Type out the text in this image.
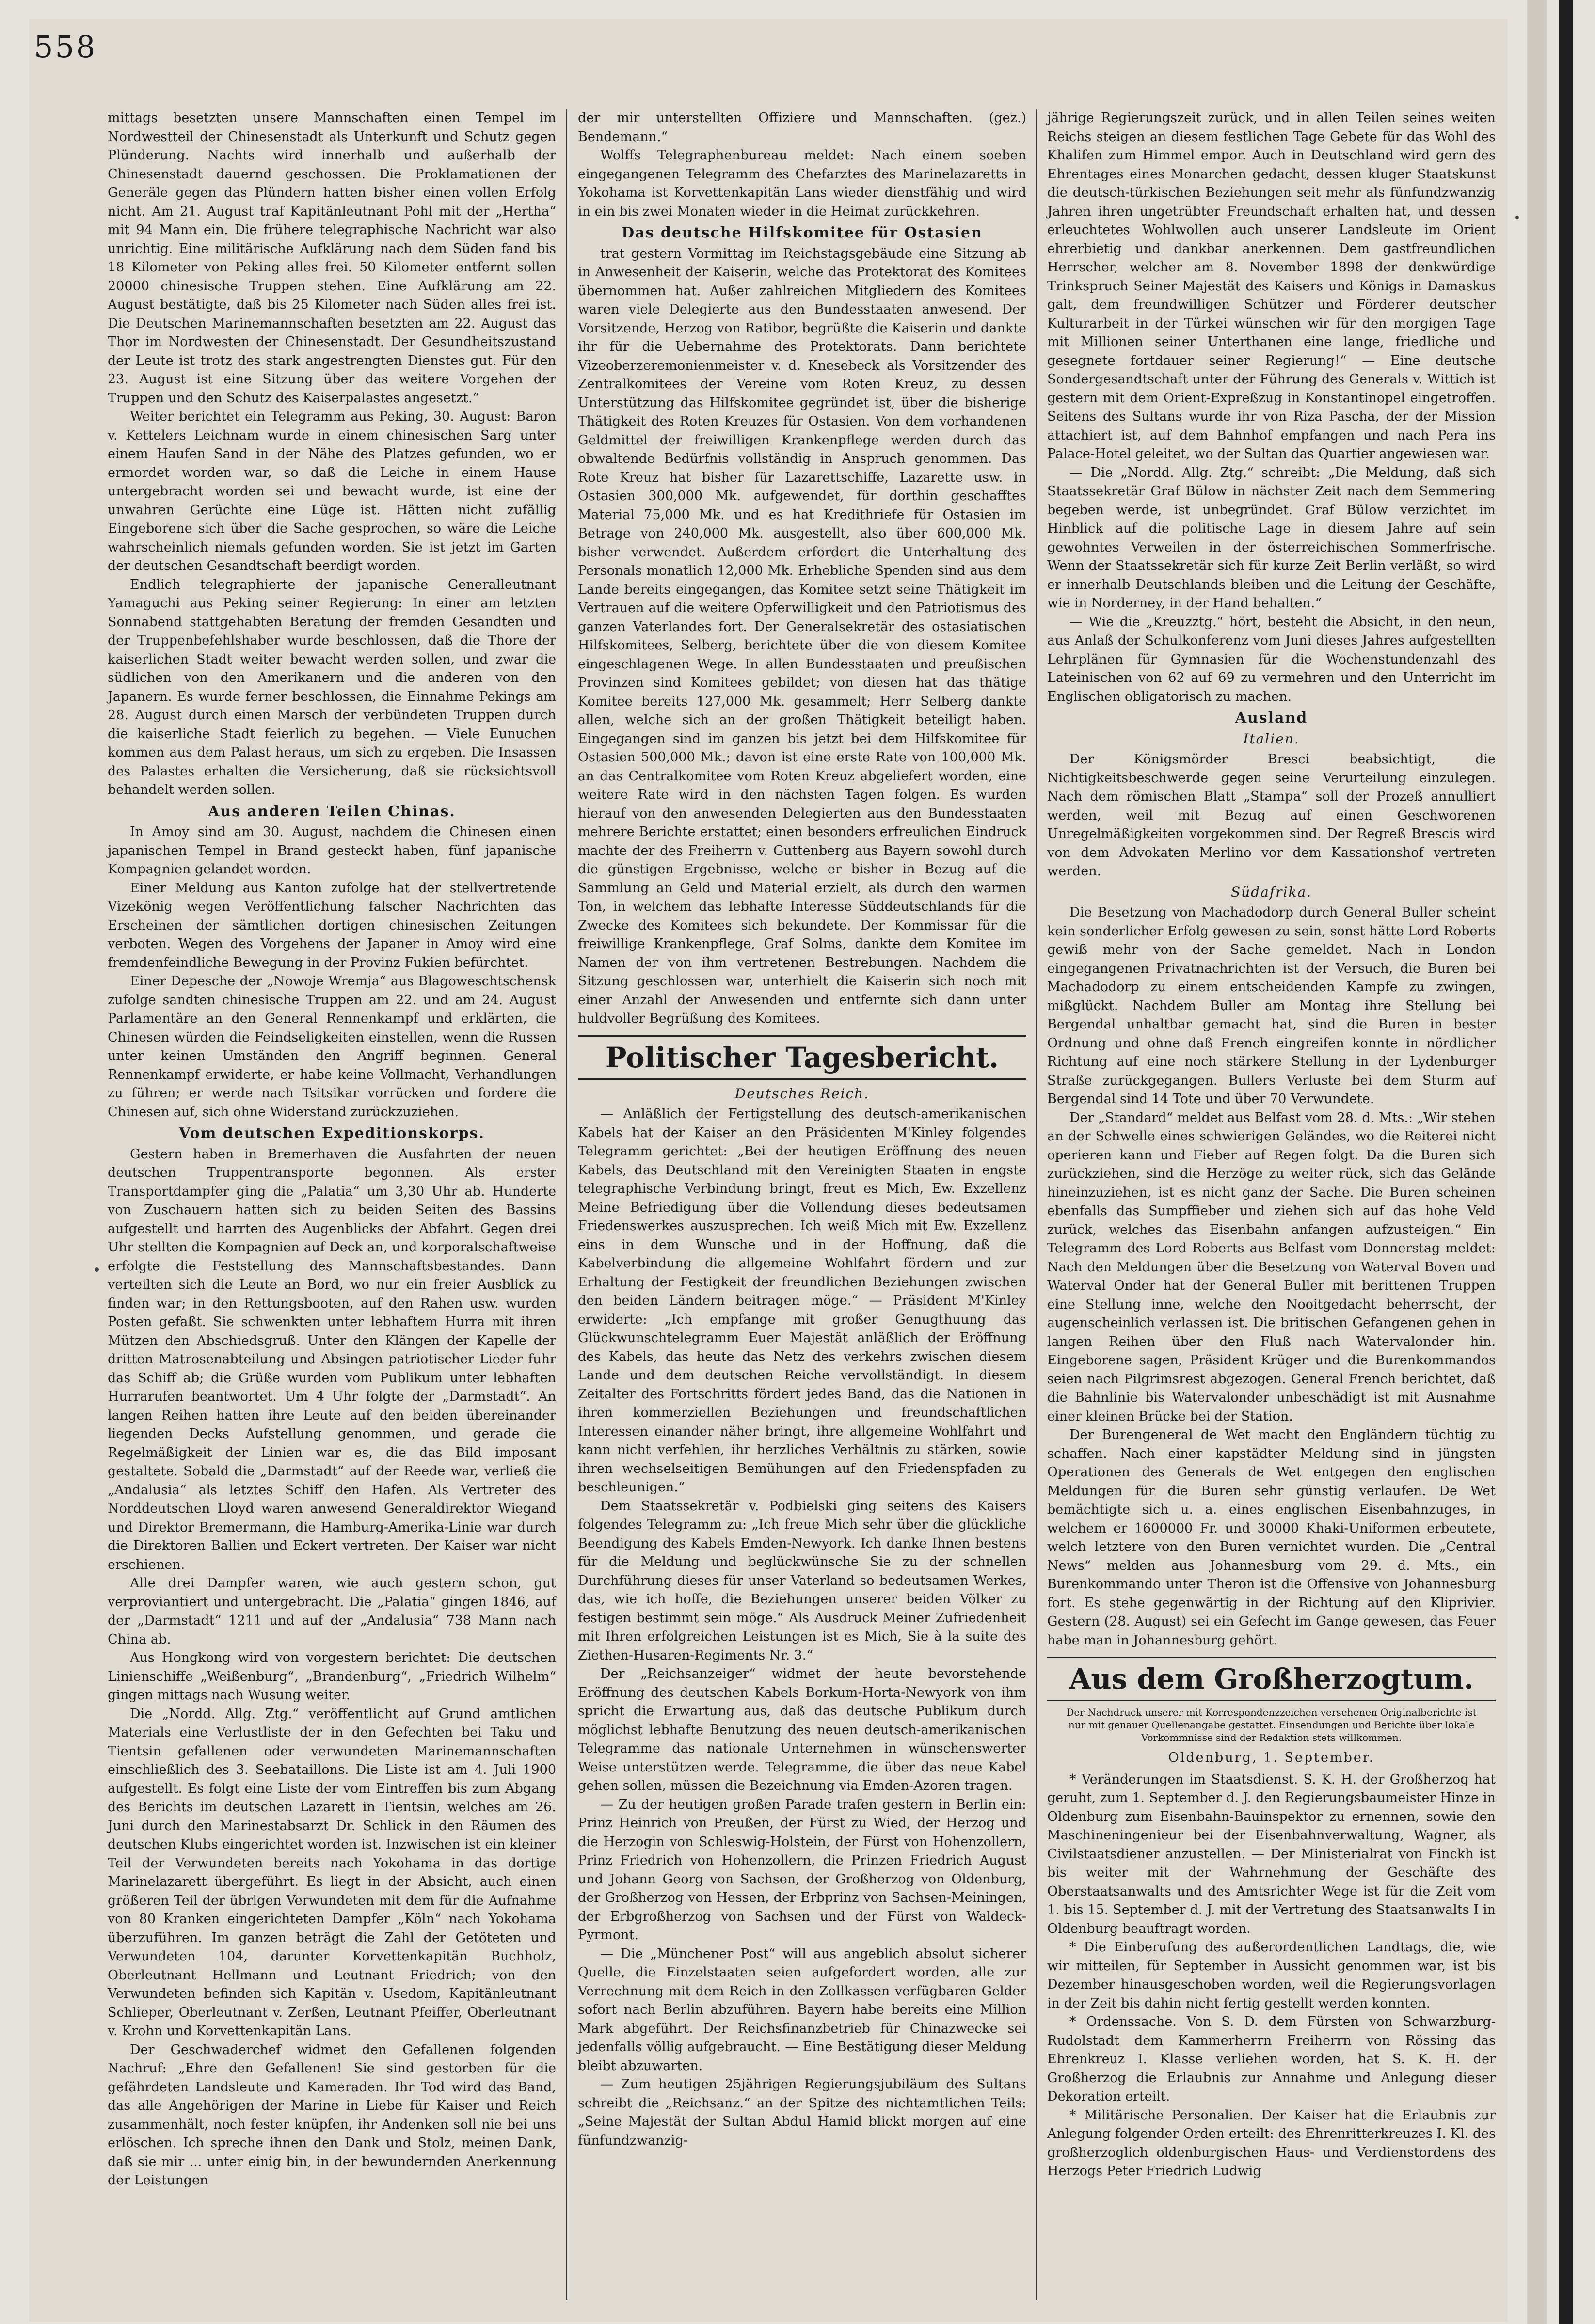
558

mittags besetzten unsere Mannschaften einen Tempel im Nordwestteil der Chinesenstadt als Unterkunft und Schutz gegen Plünderung. Nachts wird innerhalb und außerhalb der Chinesenstadt dauernd geschossen. Die Proklamationen der Generäle gegen das Plündern hatten bisher einen vollen Erfolg nicht. Am 21. August traf Kapitänleutnant Pohl mit der „Hertha“ mit 94 Mann ein. Die frühere telegraphische Nachricht war also unrichtig. Eine militärische Aufklärung nach dem Süden fand bis 18 Kilometer von Peking alles frei. 50 Kilometer entfernt sollen 20000 chinesische Truppen stehen. Eine Aufklärung am 22. August bestätigte, daß bis 25 Kilometer nach Süden alles frei ist. Die Deutschen Marinemannschaften besetzten am 22. August das Thor im Nordwesten der Chinesenstadt. Der Gesundheitszustand der Leute ist trotz des stark angestrengten Dienstes gut. Für den 23. August ist eine Sitzung über das weitere Vorgehen der Truppen und den Schutz des Kaiserpalastes angesetzt.“

Weiter berichtet ein Telegramm aus Peking, 30. August: Baron v. Kettelers Leichnam wurde in einem chinesischen Sarg unter einem Haufen Sand in der Nähe des Platzes gefunden, wo er ermordet worden war, so daß die Leiche in einem Hause untergebracht worden sei und bewacht wurde, ist eine der unwahren Gerüchte eine Lüge ist. Hätten nicht zufällig Eingeborene sich über die Sache gesprochen, so wäre die Leiche wahrscheinlich niemals gefunden worden. Sie ist jetzt im Garten der deutschen Gesandtschaft beerdigt worden.

Endlich telegraphierte der japanische Generalleutnant Yamaguchi aus Peking seiner Regierung: In einer am letzten Sonnabend stattgehabten Beratung der fremden Gesandten und der Truppenbefehlshaber wurde beschlossen, daß die Thore der kaiserlichen Stadt weiter bewacht werden sollen, und zwar die südlichen von den Amerikanern und die anderen von den Japanern. Es wurde ferner beschlossen, die Einnahme Pekings am 28. August durch einen Marsch der verbündeten Truppen durch die kaiserliche Stadt feierlich zu begehen. — Viele Eunuchen kommen aus dem Palast heraus, um sich zu ergeben. Die Insassen des Palastes erhalten die Versicherung, daß sie rücksichtsvoll behandelt werden sollen.

Aus anderen Teilen Chinas.

In Amoy sind am 30. August, nachdem die Chinesen einen japanischen Tempel in Brand gesteckt haben, fünf japanische Kompagnien gelandet worden.

Einer Meldung aus Kanton zufolge hat der stellvertretende Vizekönig wegen Veröffentlichung falscher Nachrichten das Erscheinen der sämtlichen dortigen chinesischen Zeitungen verboten. Wegen des Vorgehens der Japaner in Amoy wird eine fremdenfeindliche Bewegung in der Provinz Fukien befürchtet.

Einer Depesche der „Nowoje Wremja“ aus Blagoweschtschensk zufolge sandten chinesische Truppen am 22. und am 24. August Parlamentäre an den General Rennenkampf und erklärten, die Chinesen würden die Feindseligkeiten einstellen, wenn die Russen unter keinen Umständen den Angriff beginnen. General Rennenkampf erwiderte, er habe keine Vollmacht, Verhandlungen zu führen; er werde nach Tsitsikar vorrücken und fordere die Chinesen auf, sich ohne Widerstand zurückzuziehen.

Vom deutschen Expeditionskorps.

Gestern haben in Bremerhaven die Ausfahrten der neuen deutschen Truppentransporte begonnen. Als erster Transportdampfer ging die „Palatia“ um 3,30 Uhr ab. Hunderte von Zuschauern hatten sich zu beiden Seiten des Bassins aufgestellt und harrten des Augenblicks der Abfahrt. Gegen drei Uhr stellten die Kompagnien auf Deck an, und korporalschaftweise erfolgte die Feststellung des Mannschaftsbestandes. Dann verteilten sich die Leute an Bord, wo nur ein freier Ausblick zu finden war; in den Rettungsbooten, auf den Rahen usw. wurden Posten gefaßt. Sie schwenkten unter lebhaftem Hurra mit ihren Mützen den Abschiedsgruß. Unter den Klängen der Kapelle der dritten Matrosenabteilung und Absingen patriotischer Lieder fuhr das Schiff ab; die Grüße wurden vom Publikum unter lebhaften Hurrarufen beantwortet. Um 4 Uhr folgte der „Darmstadt“. An langen Reihen hatten ihre Leute auf den beiden übereinander liegenden Decks Aufstellung genommen, und gerade die Regelmäßigkeit der Linien war es, die das Bild imposant gestaltete. Sobald die „Darmstadt“ auf der Reede war, verließ die „Andalusia“ als letztes Schiff den Hafen. Als Vertreter des Norddeutschen Lloyd waren anwesend Generaldirektor Wiegand und Direktor Bremermann, die Hamburg-Amerika-Linie war durch die Direktoren Ballien und Eckert vertreten. Der Kaiser war nicht erschienen.

Alle drei Dampfer waren, wie auch gestern schon, gut verproviantiert und untergebracht. Die „Palatia“ gingen 1846, auf der „Darmstadt“ 1211 und auf der „Andalusia“ 738 Mann nach China ab.

Aus Hongkong wird von vorgestern berichtet: Die deutschen Linienschiffe „Weißenburg“, „Brandenburg“, „Friedrich Wilhelm“ gingen mittags nach Wusung weiter.

Die „Nordd. Allg. Ztg.“ veröffentlicht auf Grund amtlichen Materials eine Verlustliste der in den Gefechten bei Taku und Tientsin gefallenen oder verwundeten Marinemannschaften einschließlich des 3. Seebataillons. Die Liste ist am 4. Juli 1900 aufgestellt. Es folgt eine Liste der vom Eintreffen bis zum Abgang des Berichts im deutschen Lazarett in Tientsin, welches am 26. Juni durch den Marinestabsarzt Dr. Schlick in den Räumen des deutschen Klubs eingerichtet worden ist. Inzwischen ist ein kleiner Teil der Verwundeten bereits nach Yokohama in das dortige Marinelazarett übergeführt. Es liegt in der Absicht, auch einen größeren Teil der übrigen Verwundeten mit dem für die Aufnahme von 80 Kranken eingerichteten Dampfer „Köln“ nach Yokohama überzuführen. Im ganzen beträgt die Zahl der Getöteten und Verwundeten 104, darunter Korvettenkapitän Buchholz, Oberleutnant Hellmann und Leutnant Friedrich; von den Verwundeten befinden sich Kapitän v. Usedom, Kapitänleutnant Schlieper, Oberleutnant v. Zerßen, Leutnant Pfeiffer, Oberleutnant v. Krohn und Korvettenkapitän Lans.

Der Geschwaderchef widmet den Gefallenen folgenden Nachruf: „Ehre den Gefallenen! Sie sind gestorben für die gefährdeten Landsleute und Kameraden. Ihr Tod wird das Band, das alle Angehörigen der Marine in Liebe für Kaiser und Reich zusammenhält, noch fester knüpfen, ihr Andenken soll nie bei uns erlöschen. Ich spreche ihnen den Dank und Stolz, meinen Dank, daß sie mir ... unter einig bin, in der bewundernden Anerkennung der Leistungen

der mir unterstellten Offiziere und Mannschaften. (gez.) Bendemann.“

Wolffs Telegraphenbureau meldet: Nach einem soeben eingegangenen Telegramm des Chefarztes des Marinelazaretts in Yokohama ist Korvettenkapitän Lans wieder dienstfähig und wird in ein bis zwei Monaten wieder in die Heimat zurückkehren.

Das deutsche Hilfskomitee für Ostasien

trat gestern Vormittag im Reichstagsgebäude eine Sitzung ab in Anwesenheit der Kaiserin, welche das Protektorat des Komitees übernommen hat. Außer zahlreichen Mitgliedern des Komitees waren viele Delegierte aus den Bundesstaaten anwesend. Der Vorsitzende, Herzog von Ratibor, begrüßte die Kaiserin und dankte ihr für die Uebernahme des Protektorats. Dann berichtete Vizeoberzeremonienmeister v. d. Knesebeck als Vorsitzender des Zentralkomitees der Vereine vom Roten Kreuz, zu dessen Unterstützung das Hilfskomitee gegründet ist, über die bisherige Thätigkeit des Roten Kreuzes für Ostasien. Von dem vorhandenen Geldmittel der freiwilligen Krankenpflege werden durch das obwaltende Bedürfnis vollständig in Anspruch genommen. Das Rote Kreuz hat bisher für Lazarettschiffe, Lazarette usw. in Ostasien 300,000 Mk. aufgewendet, für dorthin geschafftes Material 75,000 Mk. und es hat Kredithriefe für Ostasien im Betrage von 240,000 Mk. ausgestellt, also über 600,000 Mk. bisher verwendet. Außerdem erfordert die Unterhaltung des Personals monatlich 12,000 Mk. Erhebliche Spenden sind aus dem Lande bereits eingegangen, das Komitee setzt seine Thätigkeit im Vertrauen auf die weitere Opferwilligkeit und den Patriotismus des ganzen Vaterlandes fort. Der Generalsekretär des ostasiatischen Hilfskomitees, Selberg, berichtete über die von diesem Komitee eingeschlagenen Wege. In allen Bundesstaaten und preußischen Provinzen sind Komitees gebildet; von diesen hat das thätige Komitee bereits 127,000 Mk. gesammelt; Herr Selberg dankte allen, welche sich an der großen Thätigkeit beteiligt haben. Eingegangen sind im ganzen bis jetzt bei dem Hilfskomitee für Ostasien 500,000 Mk.; davon ist eine erste Rate von 100,000 Mk. an das Centralkomitee vom Roten Kreuz abgeliefert worden, eine weitere Rate wird in den nächsten Tagen folgen. Es wurden hierauf von den anwesenden Delegierten aus den Bundesstaaten mehrere Berichte erstattet; einen besonders erfreulichen Eindruck machte der des Freiherrn v. Guttenberg aus Bayern sowohl durch die günstigen Ergebnisse, welche er bisher in Bezug auf die Sammlung an Geld und Material erzielt, als durch den warmen Ton, in welchem das lebhafte Interesse Süddeutschlands für die Zwecke des Komitees sich bekundete. Der Kommissar für die freiwillige Krankenpflege, Graf Solms, dankte dem Komitee im Namen der von ihm vertretenen Bestrebungen. Nachdem die Sitzung geschlossen war, unterhielt die Kaiserin sich noch mit einer Anzahl der Anwesenden und entfernte sich dann unter huldvoller Begrüßung des Komitees.

Politischer Tagesbericht.
Deutsches Reich.

— Anläßlich der Fertigstellung des deutsch-amerikanischen Kabels hat der Kaiser an den Präsidenten M'Kinley folgendes Telegramm gerichtet: „Bei der heutigen Eröffnung des neuen Kabels, das Deutschland mit den Vereinigten Staaten in engste telegraphische Verbindung bringt, freut es Mich, Ew. Exzellenz Meine Befriedigung über die Vollendung dieses bedeutsamen Friedenswerkes auszusprechen. Ich weiß Mich mit Ew. Exzellenz eins in dem Wunsche und in der Hoffnung, daß die Kabelverbindung die allgemeine Wohlfahrt fördern und zur Erhaltung der Festigkeit der freundlichen Beziehungen zwischen den beiden Ländern beitragen möge.“ — Präsident M'Kinley erwiderte: „Ich empfange mit großer Genugthuung das Glückwunschtelegramm Euer Majestät anläßlich der Eröffnung des Kabels, das heute das Netz des verkehrs zwischen diesem Lande und dem deutschen Reiche vervollständigt. In diesem Zeitalter des Fortschritts fördert jedes Band, das die Nationen in ihren kommerziellen Beziehungen und freundschaftlichen Interessen einander näher bringt, ihre allgemeine Wohlfahrt und kann nicht verfehlen, ihr herzliches Verhältnis zu stärken, sowie ihren wechselseitigen Bemühungen auf den Friedenspfaden zu beschleunigen.“

Dem Staatssekretär v. Podbielski ging seitens des Kaisers folgendes Telegramm zu: „Ich freue Mich sehr über die glückliche Beendigung des Kabels Emden-Newyork. Ich danke Ihnen bestens für die Meldung und beglückwünsche Sie zu der schnellen Durchführung dieses für unser Vaterland so bedeutsamen Werkes, das, wie ich hoffe, die Beziehungen unserer beiden Völker zu festigen bestimmt sein möge.“ Als Ausdruck Meiner Zufriedenheit mit Ihren erfolgreichen Leistungen ist es Mich, Sie à la suite des Ziethen-Husaren-Regiments Nr. 3.“

Der „Reichsanzeiger“ widmet der heute bevorstehende Eröffnung des deutschen Kabels Borkum-Horta-Newyork von ihm spricht die Erwartung aus, daß das deutsche Publikum durch möglichst lebhafte Benutzung des neuen deutsch-amerikanischen Telegramme das nationale Unternehmen in wünschenswerter Weise unterstützen werde. Telegramme, die über das neue Kabel gehen sollen, müssen die Bezeichnung via Emden-Azoren tragen.

— Zu der heutigen großen Parade trafen gestern in Berlin ein: Prinz Heinrich von Preußen, der Fürst zu Wied, der Herzog und die Herzogin von Schleswig-Holstein, der Fürst von Hohenzollern, Prinz Friedrich von Hohenzollern, die Prinzen Friedrich August und Johann Georg von Sachsen, der Großherzog von Oldenburg, der Großherzog von Hessen, der Erbprinz von Sachsen-Meiningen, der Erbgroßherzog von Sachsen und der Fürst von Waldeck-Pyrmont.

— Die „Münchener Post“ will aus angeblich absolut sicherer Quelle, die Einzelstaaten seien aufgefordert worden, alle zur Verrechnung mit dem Reich in den Zollkassen verfügbaren Gelder sofort nach Berlin abzuführen. Bayern habe bereits eine Million Mark abgeführt. Der Reichsfinanzbetrieb für Chinazwecke sei jedenfalls völlig aufgebraucht. — Eine Bestätigung dieser Meldung bleibt abzuwarten.

— Zum heutigen 25jährigen Regierungsjubiläum des Sultans schreibt die „Reichsanz.“ an der Spitze des nichtamtlichen Teils: „Seine Majestät der Sultan Abdul Hamid blickt morgen auf eine fünfundzwanzig-

jährige Regierungszeit zurück, und in allen Teilen seines weiten Reichs steigen an diesem festlichen Tage Gebete für das Wohl des Khalifen zum Himmel empor. Auch in Deutschland wird gern des Ehrentages eines Monarchen gedacht, dessen kluger Staatskunst die deutsch-türkischen Beziehungen seit mehr als fünfundzwanzig Jahren ihren ungetrübter Freundschaft erhalten hat, und dessen erleuchtetes Wohlwollen auch unserer Landsleute im Orient ehrerbietig und dankbar anerkennen. Dem gastfreundlichen Herrscher, welcher am 8. November 1898 der denkwürdige Trinkspruch Seiner Majestät des Kaisers und Königs in Damaskus galt, dem freundwilligen Schützer und Förderer deutscher Kulturarbeit in der Türkei wünschen wir für den morgigen Tage mit Millionen seiner Unterthanen eine lange, friedliche und gesegnete fortdauer seiner Regierung!“ — Eine deutsche Sondergesandtschaft unter der Führung des Generals v. Wittich ist gestern mit dem Orient-Expreßzug in Konstantinopel eingetroffen. Seitens des Sultans wurde ihr von Riza Pascha, der der Mission attachiert ist, auf dem Bahnhof empfangen und nach Pera ins Palace-Hotel geleitet, wo der Sultan das Quartier angewiesen war.

— Die „Nordd. Allg. Ztg.“ schreibt: „Die Meldung, daß sich Staatssekretär Graf Bülow in nächster Zeit nach dem Semmering begeben werde, ist unbegründet. Graf Bülow verzichtet im Hinblick auf die politische Lage in diesem Jahre auf sein gewohntes Verweilen in der österreichischen Sommerfrische. Wenn der Staatssekretär sich für kurze Zeit Berlin verläßt, so wird er innerhalb Deutschlands bleiben und die Leitung der Geschäfte, wie in Norderney, in der Hand behalten.“

— Wie die „Kreuzztg.“ hört, besteht die Absicht, in den neun, aus Anlaß der Schulkonferenz vom Juni dieses Jahres aufgestellten Lehrplänen für Gymnasien für die Wochenstundenzahl des Lateinischen von 62 auf 69 zu vermehren und den Unterricht im Englischen obligatorisch zu machen.

Ausland
Italien.

Der Königsmörder Bresci beabsichtigt, die Nichtigkeitsbeschwerde gegen seine Verurteilung einzulegen. Nach dem römischen Blatt „Stampa“ soll der Prozeß annulliert werden, weil mit Bezug auf einen Geschworenen Unregelmäßigkeiten vorgekommen sind. Der Regreß Brescis wird von dem Advokaten Merlino vor dem Kassationshof vertreten werden.

Südafrika.

Die Besetzung von Machadodorp durch General Buller scheint kein sonderlicher Erfolg gewesen zu sein, sonst hätte Lord Roberts gewiß mehr von der Sache gemeldet. Nach in London eingegangenen Privatnachrichten ist der Versuch, die Buren bei Machadodorp zu einem entscheidenden Kampfe zu zwingen, mißglückt. Nachdem Buller am Montag ihre Stellung bei Bergendal unhaltbar gemacht hat, sind die Buren in bester Ordnung und ohne daß French eingreifen konnte in nördlicher Richtung auf eine noch stärkere Stellung in der Lydenburger Straße zurückgegangen. Bullers Verluste bei dem Sturm auf Bergendal sind 14 Tote und über 70 Verwundete.

Der „Standard“ meldet aus Belfast vom 28. d. Mts.: „Wir stehen an der Schwelle eines schwierigen Geländes, wo die Reiterei nicht operieren kann und Fieber auf Regen folgt. Da die Buren sich zurückziehen, sind die Herzöge zu weiter rück, sich das Gelände hineinzuziehen, ist es nicht ganz der Sache. Die Buren scheinen ebenfalls das Sumpffieber und ziehen sich auf das hohe Veld zurück, welches das Eisenbahn anfangen aufzusteigen.“ Ein Telegramm des Lord Roberts aus Belfast vom Donnerstag meldet: Nach den Meldungen über die Besetzung von Waterval Boven und Waterval Onder hat der General Buller mit berittenen Truppen eine Stellung inne, welche den Nooitgedacht beherrscht, der augenscheinlich verlassen ist. Die britischen Gefangenen gehen in langen Reihen über den Fluß nach Watervalonder hin. Eingeborene sagen, Präsident Krüger und die Burenkommandos seien nach Pilgrimsrest abgezogen. General French berichtet, daß die Bahnlinie bis Watervalonder unbeschädigt ist mit Ausnahme einer kleinen Brücke bei der Station.

Der Burengeneral de Wet macht den Engländern tüchtig zu schaffen. Nach einer kapstädter Meldung sind in jüngsten Operationen des Generals de Wet entgegen den englischen Meldungen für die Buren sehr günstig verlaufen. De Wet bemächtigte sich u. a. eines englischen Eisenbahnzuges, in welchem er 1600000 Fr. und 30000 Khaki-Uniformen erbeutete, welch letztere von den Buren vernichtet wurden. Die „Central News“ melden aus Johannesburg vom 29. d. Mts., ein Burenkommando unter Theron ist die Offensive von Johannesburg fort. Es stehe gegenwärtig in der Richtung auf den Kliprivier. Gestern (28. August) sei ein Gefecht im Gange gewesen, das Feuer habe man in Johannesburg gehört.

Aus dem Großherzogtum.
Der Nachdruck unserer mit Korrespondenzzeichen versehenen Originalberichte ist nur mit genauer Quellenangabe gestattet. Einsendungen und Berichte über lokale Vorkommnisse sind der Redaktion stets willkommen.
Oldenburg, 1. September.

* Veränderungen im Staatsdienst. S. K. H. der Großherzog hat geruht, zum 1. September d. J. den Regierungsbaumeister Hinze in Oldenburg zum Eisenbahn-Bauinspektor zu ernennen, sowie den Maschineningenieur bei der Eisenbahnverwaltung, Wagner, als Civilstaatsdiener anzustellen. — Der Ministerialrat von Finckh ist bis weiter mit der Wahrnehmung der Geschäfte des Oberstaatsanwalts und des Amtsrichter Wege ist für die Zeit vom 1. bis 15. September d. J. mit der Vertretung des Staatsanwalts I in Oldenburg beauftragt worden.

* Die Einberufung des außerordentlichen Landtags, die, wie wir mitteilen, für September in Aussicht genommen war, ist bis Dezember hinausgeschoben worden, weil die Regierungsvorlagen in der Zeit bis dahin nicht fertig gestellt werden konnten.

* Ordenssache. Von S. D. dem Fürsten von Schwarzburg-Rudolstadt dem Kammerherrn Freiherrn von Rössing das Ehrenkreuz I. Klasse verliehen worden, hat S. K. H. der Großherzog die Erlaubnis zur Annahme und Anlegung dieser Dekoration erteilt.

* Militärische Personalien. Der Kaiser hat die Erlaubnis zur Anlegung folgender Orden erteilt: des Ehrenritterkreuzes I. Kl. des großherzoglich oldenburgischen Haus- und Verdienstordens des Herzogs Peter Friedrich Ludwig
